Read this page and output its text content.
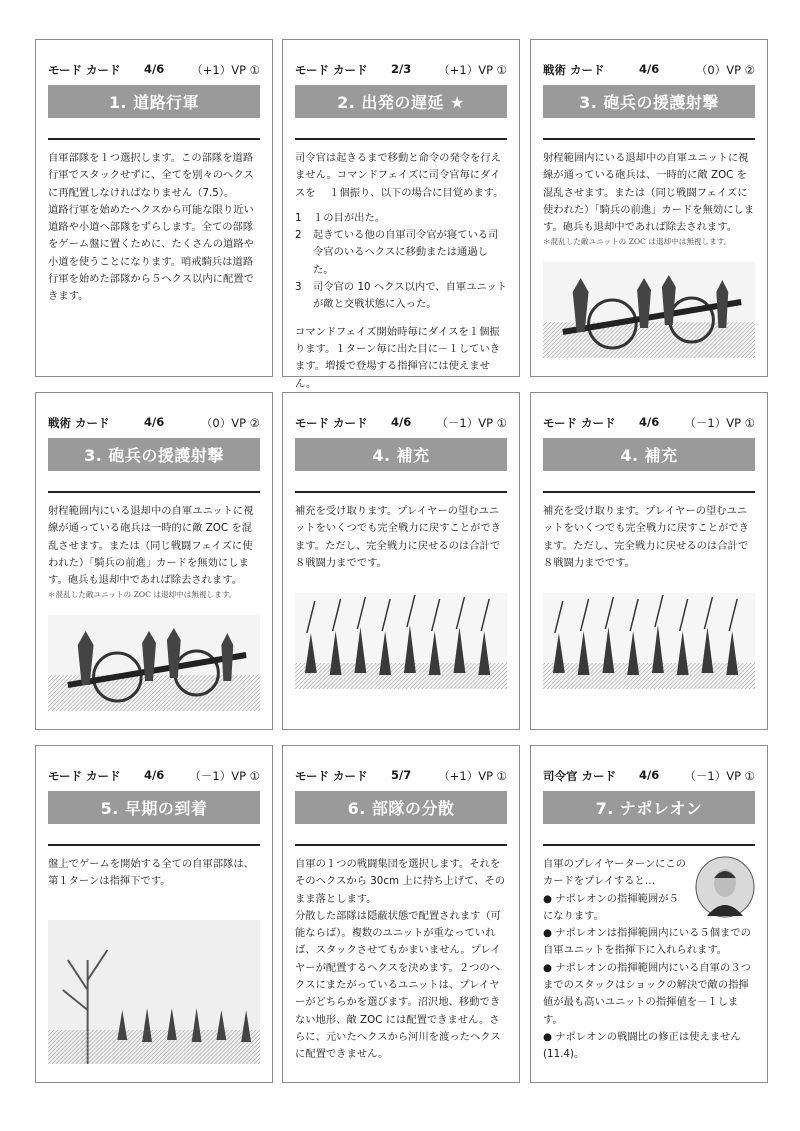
モード カード 4/6 （+1）VP ①
1. 道路行軍

自軍部隊を１つ選択します。この部隊を道路行軍でスタックせずに、全てを別々のヘクスに再配置しなければなりません（7.5）。

道路行軍を始めたヘクスから可能な限り近い道路や小道へ部隊をずらします。全ての部隊をゲーム盤に置くために、たくさんの道路や小道を使うことになります。哨戒騎兵は道路行軍を始めた部隊から５ヘクス以内に配置できます。

モード カード 2/3 （+1）VP ①
2. 出発の遅延 ★

司令官は起きるまで移動と命令の発令を行えません。コマンドフェイズに司令官毎にダイスを　 １個振り、以下の場合に目覚めます。

1	１の目が出た。
2	起きている他の自軍司令官が寝ている司令官のいるヘクスに移動または通過した。
3	司令官の 10 ヘクス以内で、自軍ユニットが敵と交戦状態に入った。

コマンドフェイズ開始時毎にダイスを１個振ります。１ターン毎に出た目に－１していきます。増援で登場する指揮官には使えません。

戦術 カード	4/6	（0）VP ②
3. 砲兵の援護射撃

射程範囲内にいる退却中の自軍ユニットに視線が通っている砲兵は、一時的に敵 ZOC を混乱させます。または（同じ戦闘フェイズに使われた）「騎兵の前進」カードを無効にします。砲兵も退却中であれば除去されます。

＊混乱した敵ユニットの ZOC は退却中は無視します。

戦術 カード	4/6	（0）VP ②
3. 砲兵の援護射撃

射程範囲内にいる退却中の自軍ユニットに視線が通っている砲兵は一時的に敵 ZOC を混乱させます。または（同じ戦闘フェイズに使われた）「騎兵の前進」カードを無効にします。砲兵も退却中であれば除去されます。

＊混乱した敵ユニットの ZOC は退却中は無視します。

モード カード 4/6 （－1）VP ①
4. 補充

補充を受け取ります。プレイヤーの望むユニットをいくつでも完全戦力に戻すことができます。ただし、完全戦力に戻せるのは合計で８戦闘力までです。

モード カード 4/6 （－1）VP ①
4. 補充

補充を受け取ります。プレイヤーの望むユニットをいくつでも完全戦力に戻すことができます。ただし、完全戦力に戻せるのは合計で８戦闘力までです。

モード カード 4/6 （－1）VP ①
5. 早期の到着

盤上でゲームを開始する全ての自軍部隊は、第１ターンは指揮下です。

モード カード 5/7 （+1）VP ①
6. 部隊の分散

自軍の１つの戦闘集団を選択します。それをそのヘクスから 30cm 上に持ち上げて、そのまま落とします。

分散した部隊は隠蔽状態で配置されます（可能ならば）。複数のユニットが重なっていれば、スタックさせてもかまいません。プレイヤーが配置するヘクスを決めます。２つのヘクスにまたがっているユニットは、プレイヤーがどちらかを選びます。沼沢地、移動できない地形、敵 ZOC には配置できません。さらに、元いたヘクスから河川を渡ったヘクスに配置できません。

司令官 カード 4/6 （－1）VP ①
7. ナポレオン

自軍のプレイヤーターンにこのカードをプレイすると…

● ナポレオンの指揮範囲が５になります。

● ナポレオンは指揮範囲内にいる５個までの自軍ユニットを指揮下に入れられます。

● ナポレオンの指揮範囲内にいる自軍の３つまでのスタックはショックの解決で敵の指揮値が最も高いユニットの指揮値を－１します。

● ナポレオンの戦闘比の修正は使えません(11.4)。
